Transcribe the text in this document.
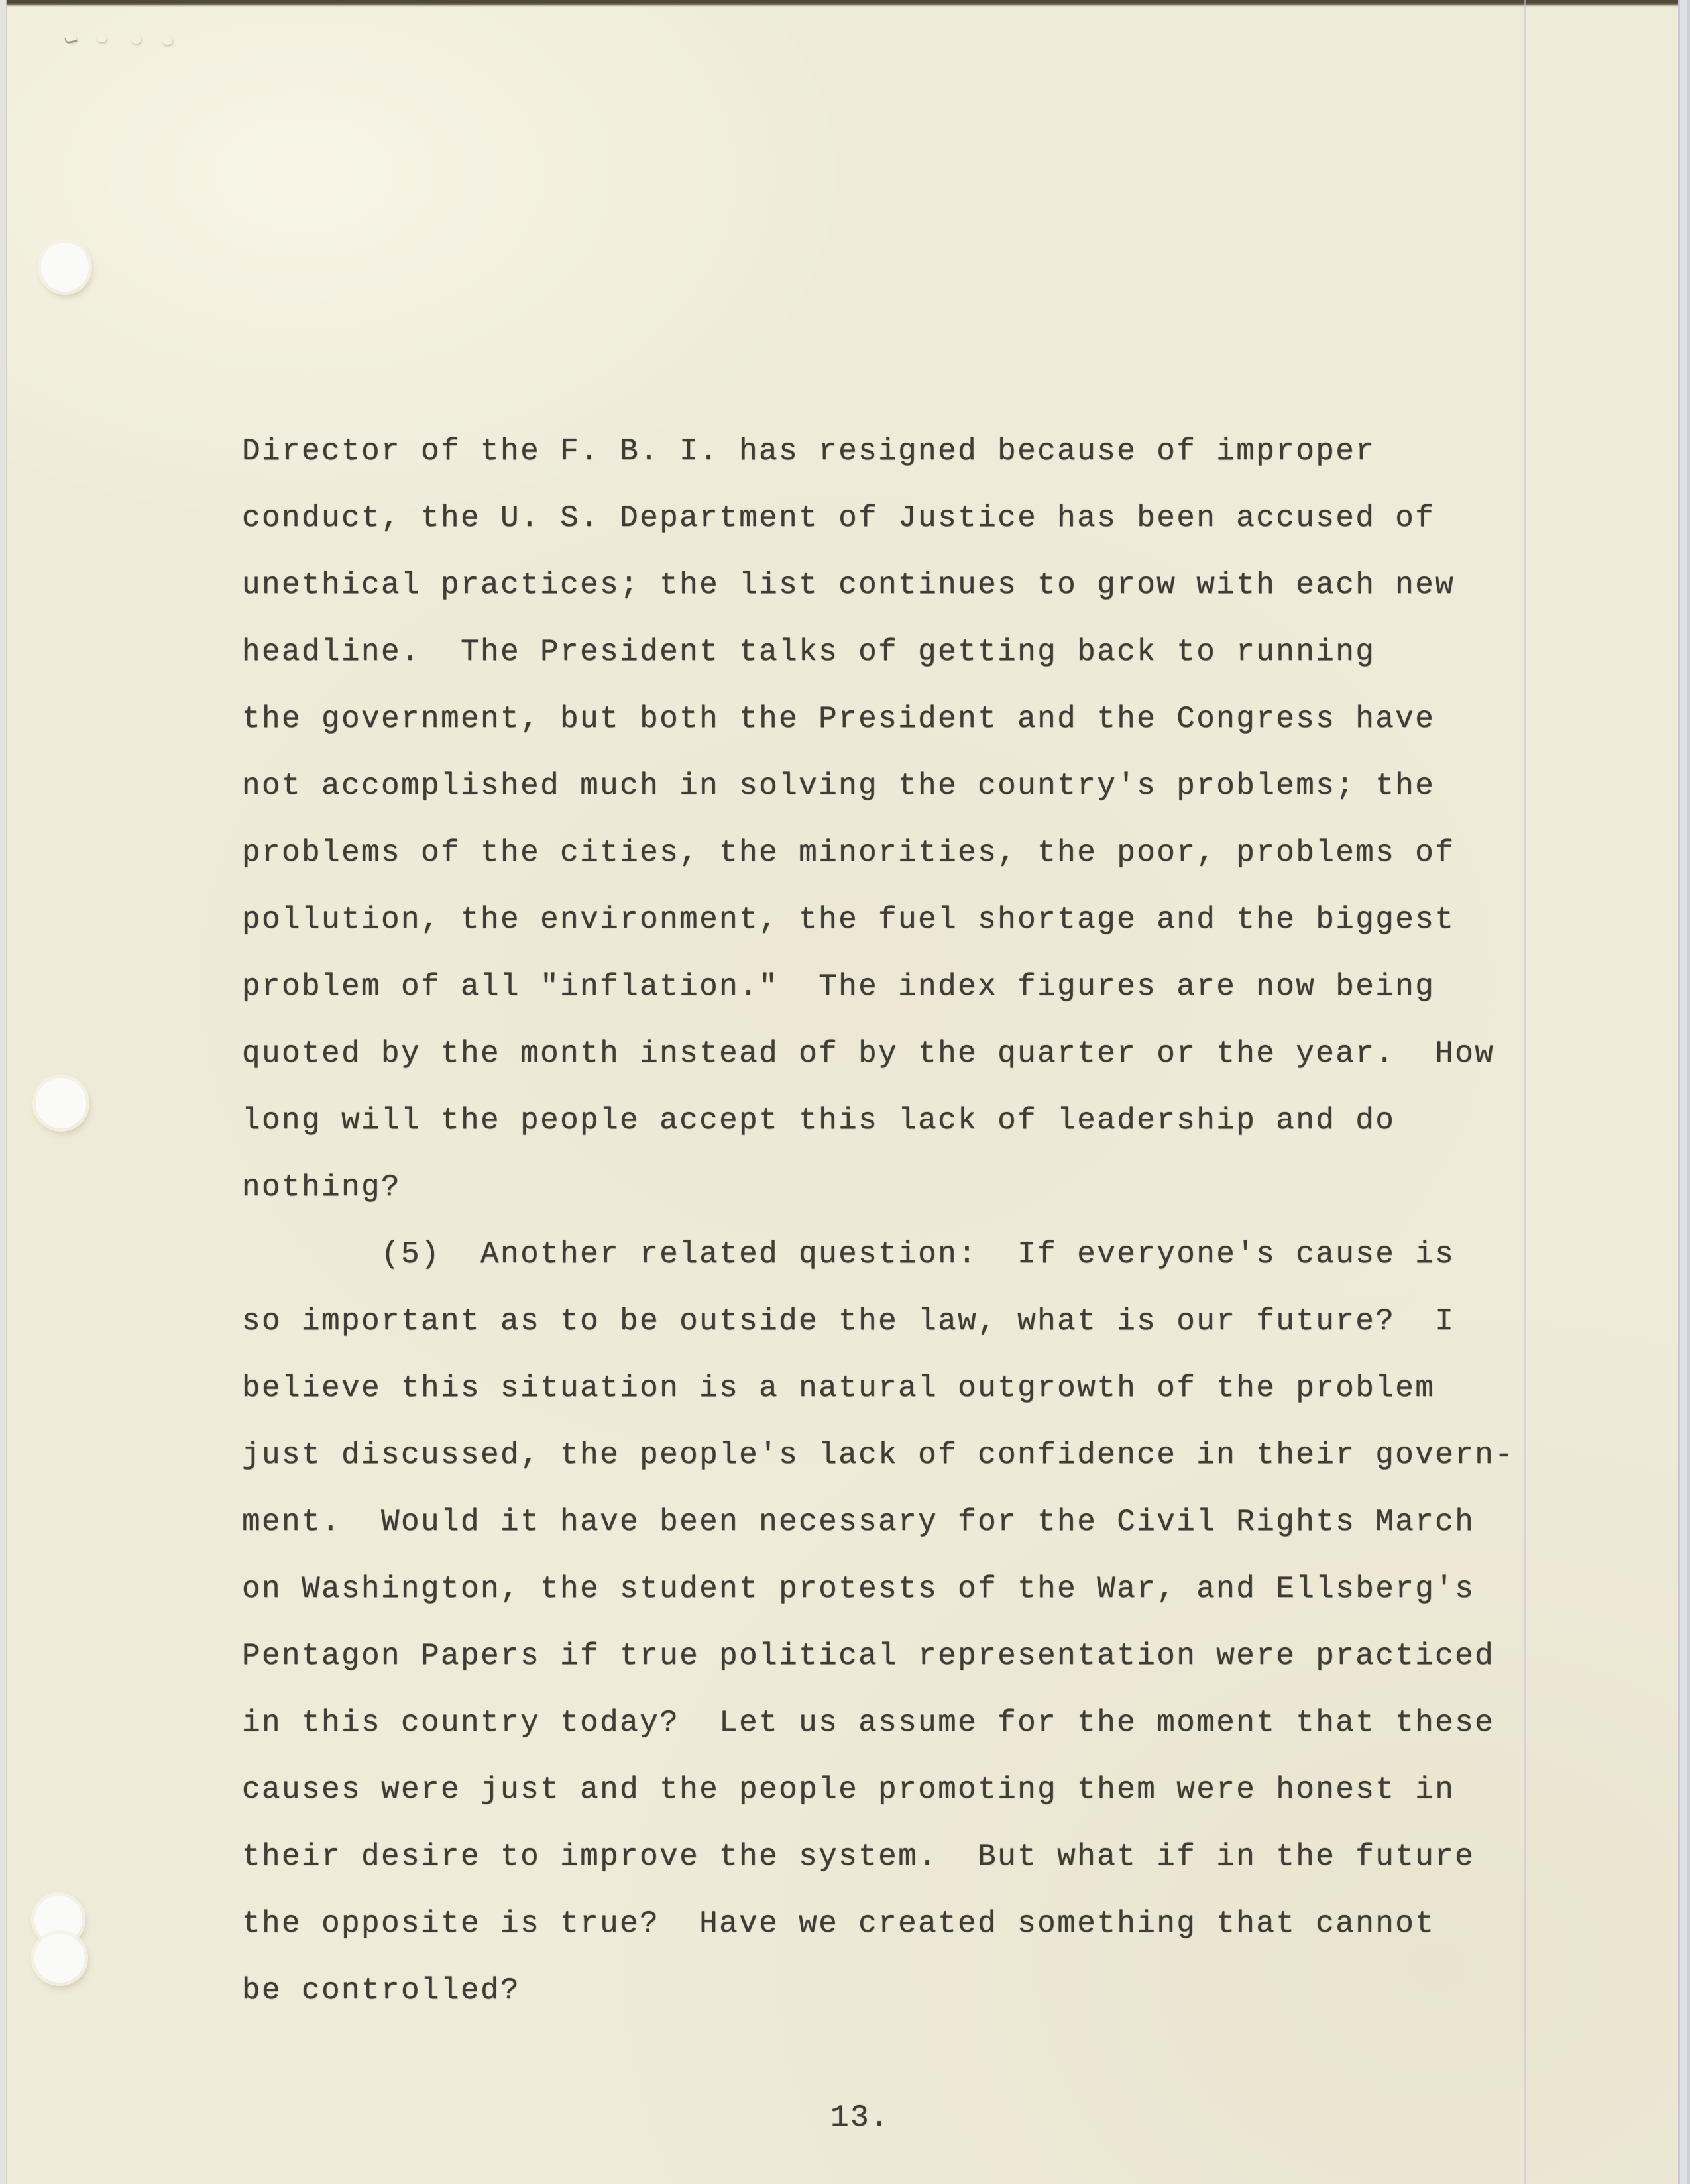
Director of the F. B. I. has resigned because of improper
conduct, the U. S. Department of Justice has been accused of
unethical practices; the list continues to grow with each new
headline.  The President talks of getting back to running
the government, but both the President and the Congress have
not accomplished much in solving the country's problems; the
problems of the cities, the minorities, the poor, problems of
pollution, the environment, the fuel shortage and the biggest
problem of all "inflation."  The index figures are now being
quoted by the month instead of by the quarter or the year.  How
long will the people accept this lack of leadership and do
nothing?
(5)  Another related question:  If everyone's cause is
so important as to be outside the law, what is our future?  I
believe this situation is a natural outgrowth of the problem
just discussed, the people's lack of confidence in their govern-
ment.  Would it have been necessary for the Civil Rights March
on Washington, the student protests of the War, and Ellsberg's
Pentagon Papers if true political representation were practiced
in this country today?  Let us assume for the moment that these
causes were just and the people promoting them were honest in
their desire to improve the system.  But what if in the future
the opposite is true?  Have we created something that cannot
be controlled?
13.
